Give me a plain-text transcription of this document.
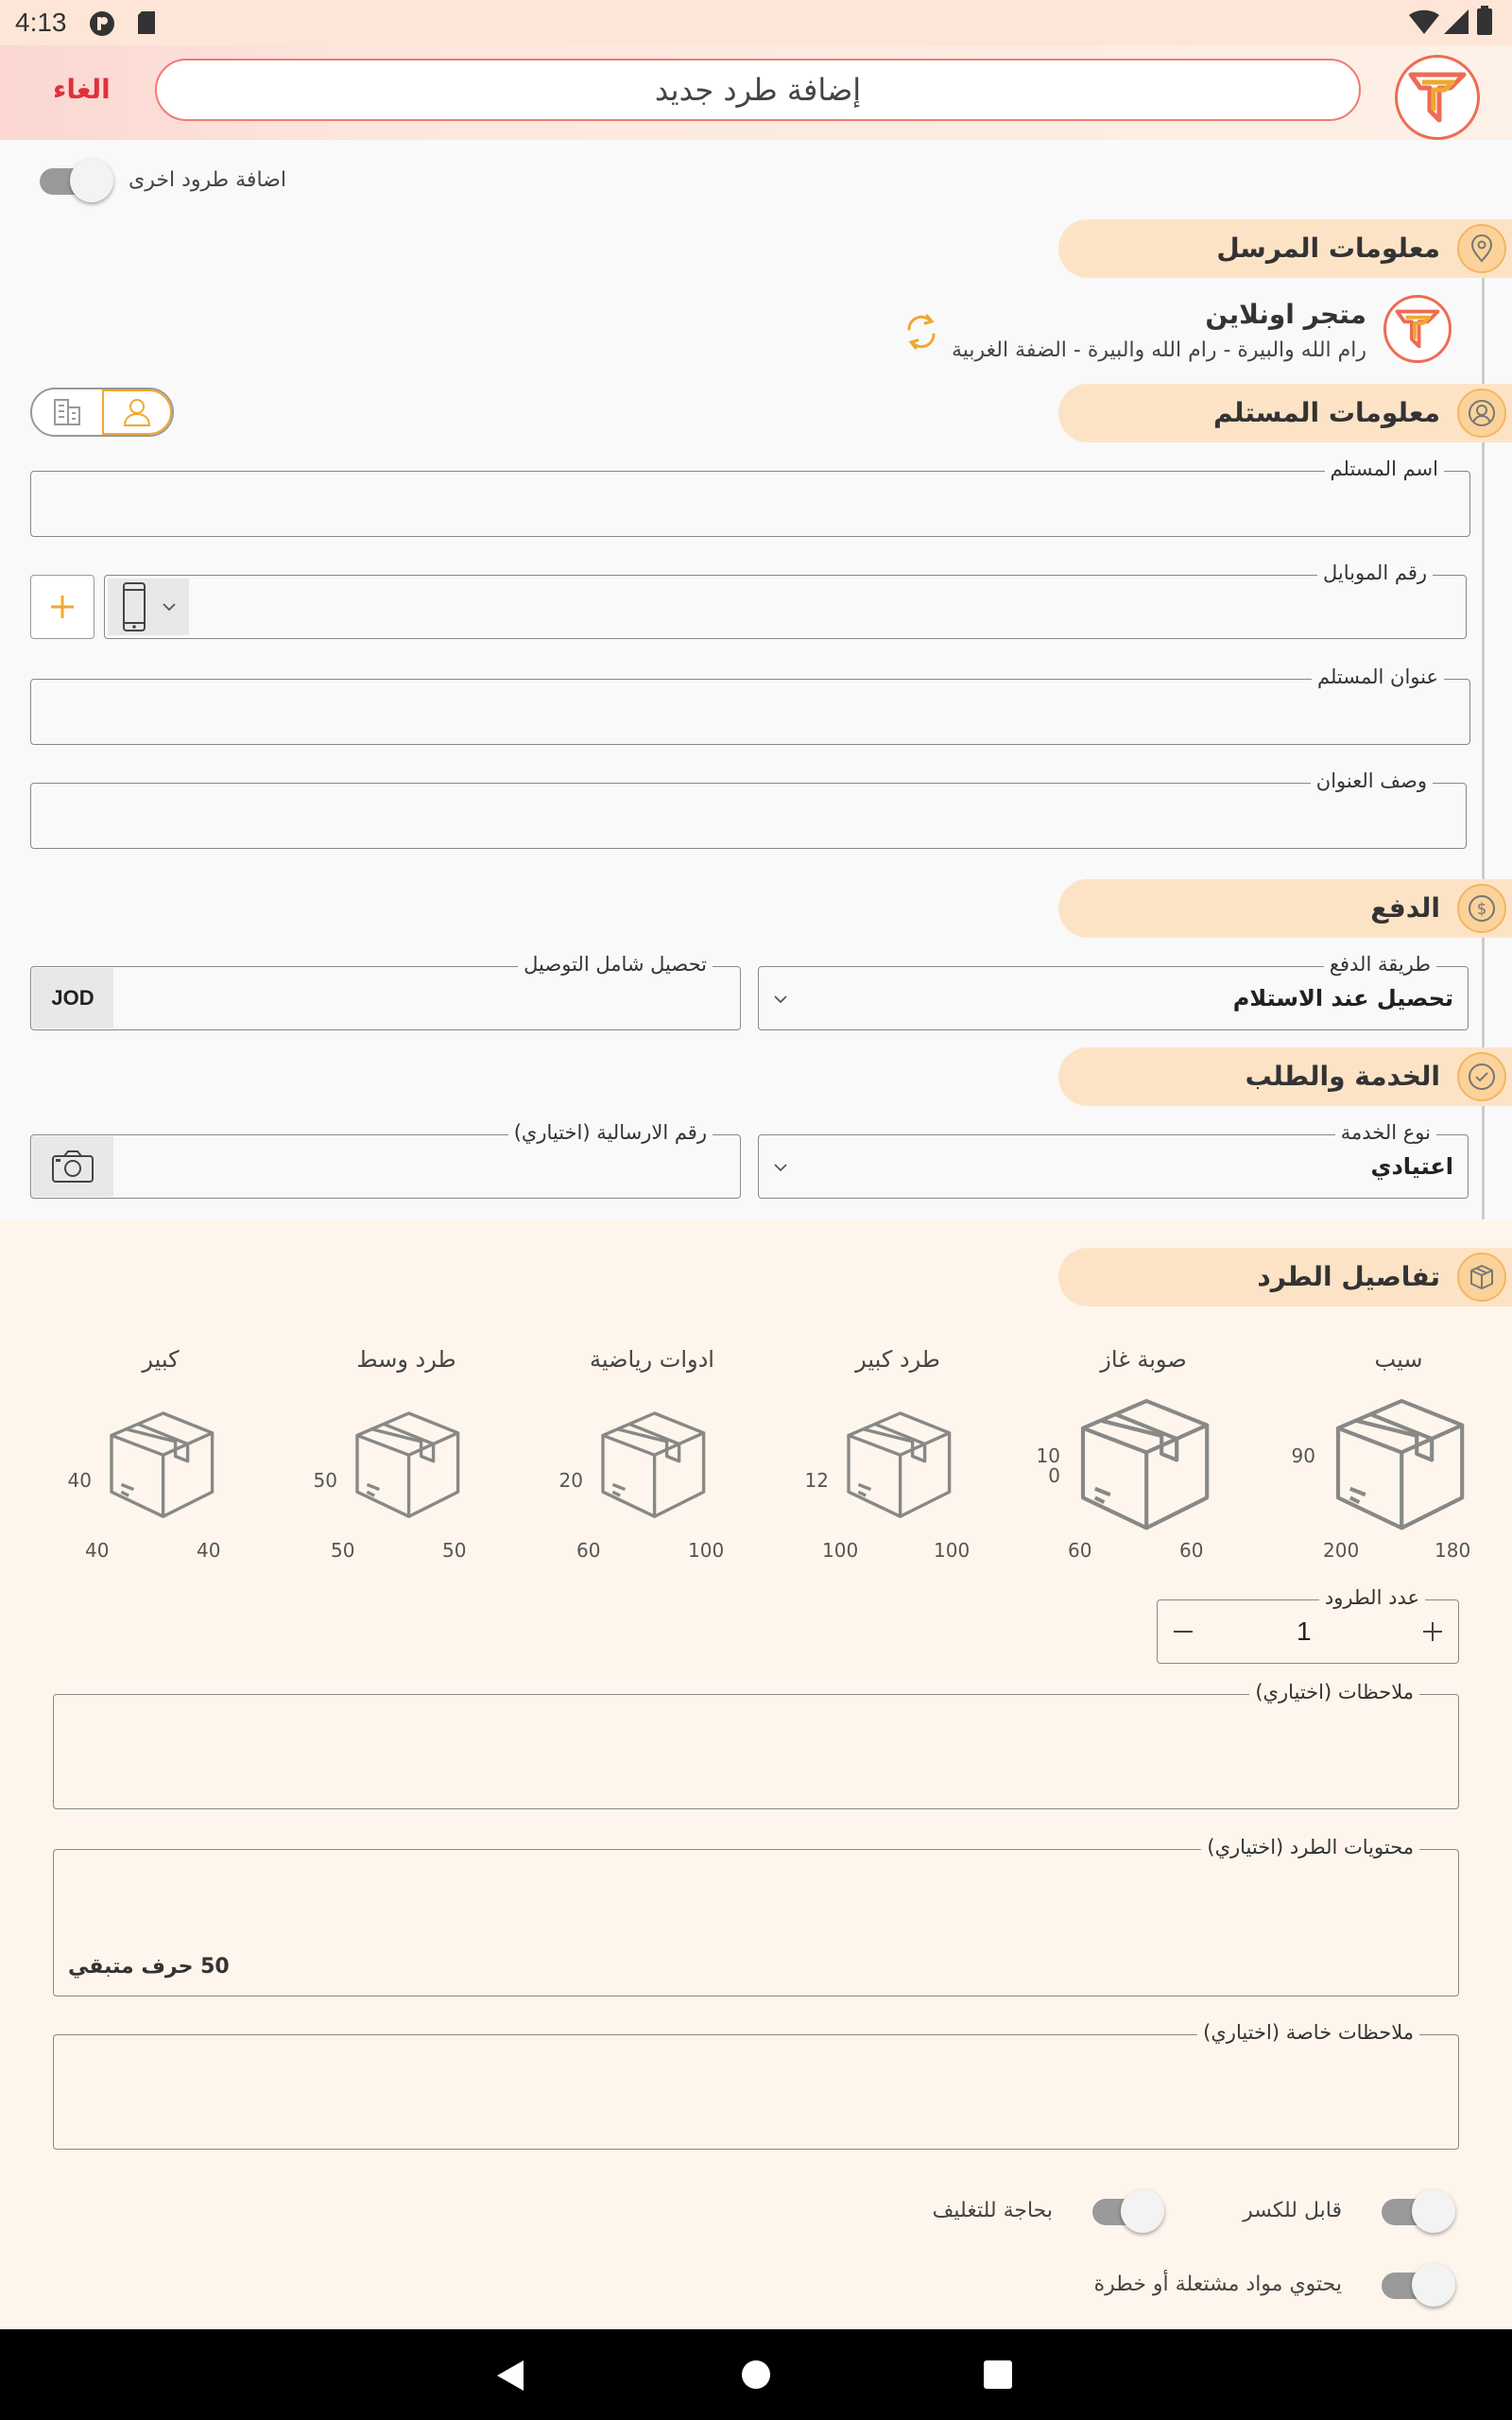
4:13
الغاء	إضافة طرد جديد
اضافة طرود اخرى
معلومات المرسل
متجر اونلاين
رام الله والبيرة - رام الله والبيرة - الضفة الغربية
معلومات المستلم
اسم المستلم
رقم الموبايل
عنوان المستلم
وصف العنوان
الدفع $
طريقة الدفع
تحصيل عند الاستلام
JOD
تحصيل شامل التوصيل
الخدمة والطلب
نوع الخدمة
اعتيادي
رقم الارسالية (اختياري)
تفاصيل الطرد
سيب
90
200	180
صوبة غاز
10
0
60	60
طرد كبير
12
100	100
ادوات رياضية
20
60	100
طرد وسط
50
50	50
كبير
40
40	40
عدد الطرود
1
ملاحظات (اختياري)
محتويات الطرد (اختياري)
50 حرف متبقي
ملاحظات خاصة (اختياري)
قابل للكسر
بحاجة للتغليف
يحتوي مواد مشتعلة أو خطرة
